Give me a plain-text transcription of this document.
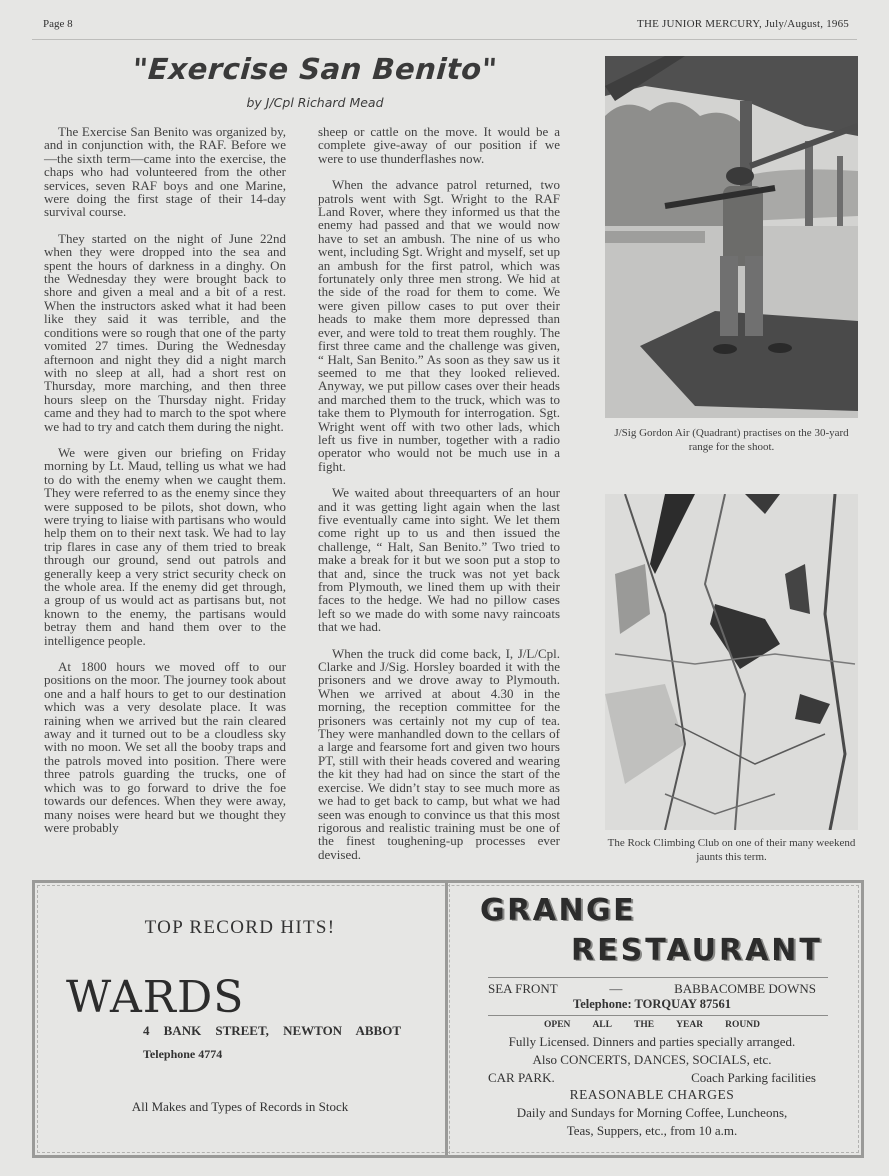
Page 8	THE JUNIOR MERCURY, July/August, 1965
"Exercise San Benito"
by J/Cpl Richard Mead

The Exercise San Benito was organized by, and in conjunction with, the RAF. Before we—the sixth term—came into the exercise, the chaps who had volunteered from the other services, seven RAF boys and one Marine, were doing the first stage of their 14-day survival course.

They started on the night of June 22nd when they were dropped into the sea and spent the hours of darkness in a dinghy. On the Wednesday they were brought back to shore and given a meal and a bit of a rest. When the instructors asked what it had been like they said it was terrible, and the conditions were so rough that one of the party vomited 27 times. During the Wednesday afternoon and night they did a night march with no sleep at all, had a short rest on Thursday, more marching, and then three hours sleep on the Thursday night. Friday came and they had to march to the spot where we had to try and catch them during the night.

We were given our briefing on Friday morning by Lt. Maud, telling us what we had to do with the enemy when we caught them. They were referred to as the enemy since they were supposed to be pilots, shot down, who were trying to liaise with partisans who would help them on to their next task. We had to lay trip flares in case any of them tried to break through our ground, send out patrols and generally keep a very strict security check on the whole area. If the enemy did get through, a group of us would act as partisans but, not known to the enemy, the partisans would betray them and hand them over to the intelligence people.

At 1800 hours we moved off to our positions on the moor. The journey took about one and a half hours to get to our destination which was a very desolate place. It was raining when we arrived but the rain cleared away and it turned out to be a cloudless sky with no moon. We set all the booby traps and the patrols moved into position. There were three patrols guarding the trucks, one of which was to go forward to drive the foe towards our defences. When they were away, many noises were heard but we thought they were probably

sheep or cattle on the move. It would be a complete give-away of our position if we were to use thunderflashes now.

When the advance patrol returned, two patrols went with Sgt. Wright to the RAF Land Rover, where they informed us that the enemy had passed and that we would now have to set an ambush. The nine of us who went, including Sgt. Wright and myself, set up an ambush for the first patrol, which was fortunately only three men strong. We hid at the side of the road for them to come. We were given pillow cases to put over their heads to make them more depressed than ever, and were told to treat them roughly. The first three came and the challenge was given, “ Halt, San Benito.” As soon as they saw us it seemed to me that they looked relieved. Anyway, we put pillow cases over their heads and marched them to the truck, which was to take them to Plymouth for interrogation. Sgt. Wright went off with two other lads, which left us five in number, together with a radio operator who would not be much use in a fight.

We waited about threequarters of an hour and it was getting light again when the last five eventually came into sight. We let them come right up to us and then issued the challenge, “ Halt, San Benito.” Two tried to make a break for it but we soon put a stop to that and, since the truck was not yet back from Plymouth, we lined them up with their faces to the hedge. We had no pillow cases left so we made do with some navy raincoats that we had.

When the truck did come back, I, J/L/Cpl. Clarke and J/Sig. Horsley boarded it with the prisoners and we drove away to Plymouth. When we arrived at about 4.30 in the morning, the reception committee for the prisoners was certainly not my cup of tea. They were manhandled down to the cellars of a large and fearsome fort and given two hours PT, still with their heads covered and wearing the kit they had had on since the start of the exercise. We didn’t stay to see much more as we had to get back to camp, but what we had seen was enough to convince us that this most rigorous and realistic training must be one of the finest toughening-up processes ever devised.

J/Sig Gordon Air (Quadrant) practises on the 30-yard range for the shoot.
The Rock Climbing Club on one of their many weekend jaunts this term.
TOP RECORD HITS!
WARDS
4 BANK STREET, NEWTON ABBOT
Telephone 4774
All Makes and Types of Records in Stock
GRANGE
RESTAURANT
SEA FRONT	—	BABBACOMBE DOWNS
Telephone: TORQUAY 87561
OPEN ALL THE YEAR ROUND
Fully Licensed. Dinners and parties specially arranged.
Also CONCERTS, DANCES, SOCIALS, etc.
CAR PARK.	Coach Parking facilities
REASONABLE CHARGES
Daily and Sundays for Morning Coffee, Luncheons,
Teas, Suppers, etc., from 10 a.m.
